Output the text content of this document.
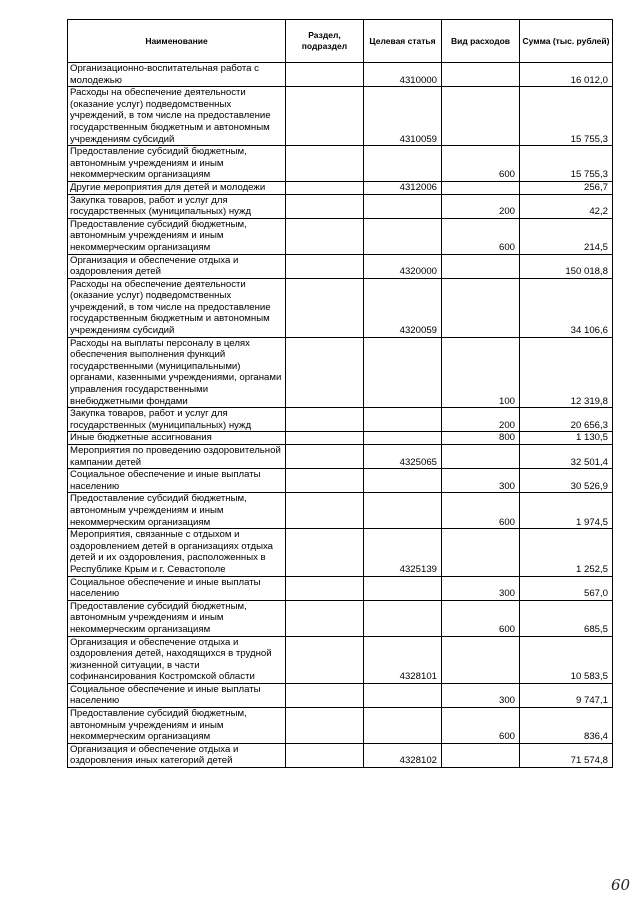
Наименование	Раздел, подраздел	Целевая статья	Вид расходов	Сумма (тыс. рублей)
Организационно-воспитательная работа с молодежью		4310000		16 012,0
Расходы на обеспечение деятельности (оказание услуг) подведомственных учреждений, в том числе на предоставление государственным бюджетным и автономным учреждениям субсидий		4310059		15 755,3
Предоставление субсидий бюджетным, автономным учреждениям и иным некоммерческим организациям			600	15 755,3
Другие мероприятия для детей и молодежи		4312006		256,7
Закупка товаров, работ и услуг для государственных (муниципальных) нужд			200	42,2
Предоставление субсидий бюджетным, автономным учреждениям и иным некоммерческим организациям			600	214,5
Организация и обеспечение отдыха и оздоровления детей		4320000		150 018,8
Расходы на обеспечение деятельности (оказание услуг) подведомственных учреждений, в том числе на предоставление государственным бюджетным и автономным учреждениям субсидий		4320059		34 106,6
Расходы на выплаты персоналу в целях обеспечения выполнения функций государственными (муниципальными) органами, казенными учреждениями, органами управления государственными внебюджетными фондами			100	12 319,8
Закупка товаров, работ и услуг для государственных (муниципальных) нужд			200	20 656,3
Иные бюджетные ассигнования			800	1 130,5
Мероприятия по проведению оздоровительной кампании детей		4325065		32 501,4
Социальное обеспечение и иные выплаты населению			300	30 526,9
Предоставление субсидий бюджетным, автономным учреждениям и иным некоммерческим организациям			600	1 974,5
Мероприятия, связанные с отдыхом и оздоровлением детей в организациях отдыха детей и их оздоровления, расположенных в Республике Крым и г. Севастополе		4325139		1 252,5
Социальное обеспечение и иные выплаты населению			300	567,0
Предоставление субсидий бюджетным, автономным учреждениям и иным некоммерческим организациям			600	685,5
Организация и обеспечение отдыха и оздоровления детей, находящихся в трудной жизненной ситуации, в части софинансирования Костромской области		4328101		10 583,5
Социальное обеспечение и иные выплаты населению			300	9 747,1
Предоставление субсидий бюджетным, автономным учреждениям и иным некоммерческим организациям			600	836,4
Организация и обеспечение отдыха и оздоровления иных категорий детей		4328102		71 574,8
60
